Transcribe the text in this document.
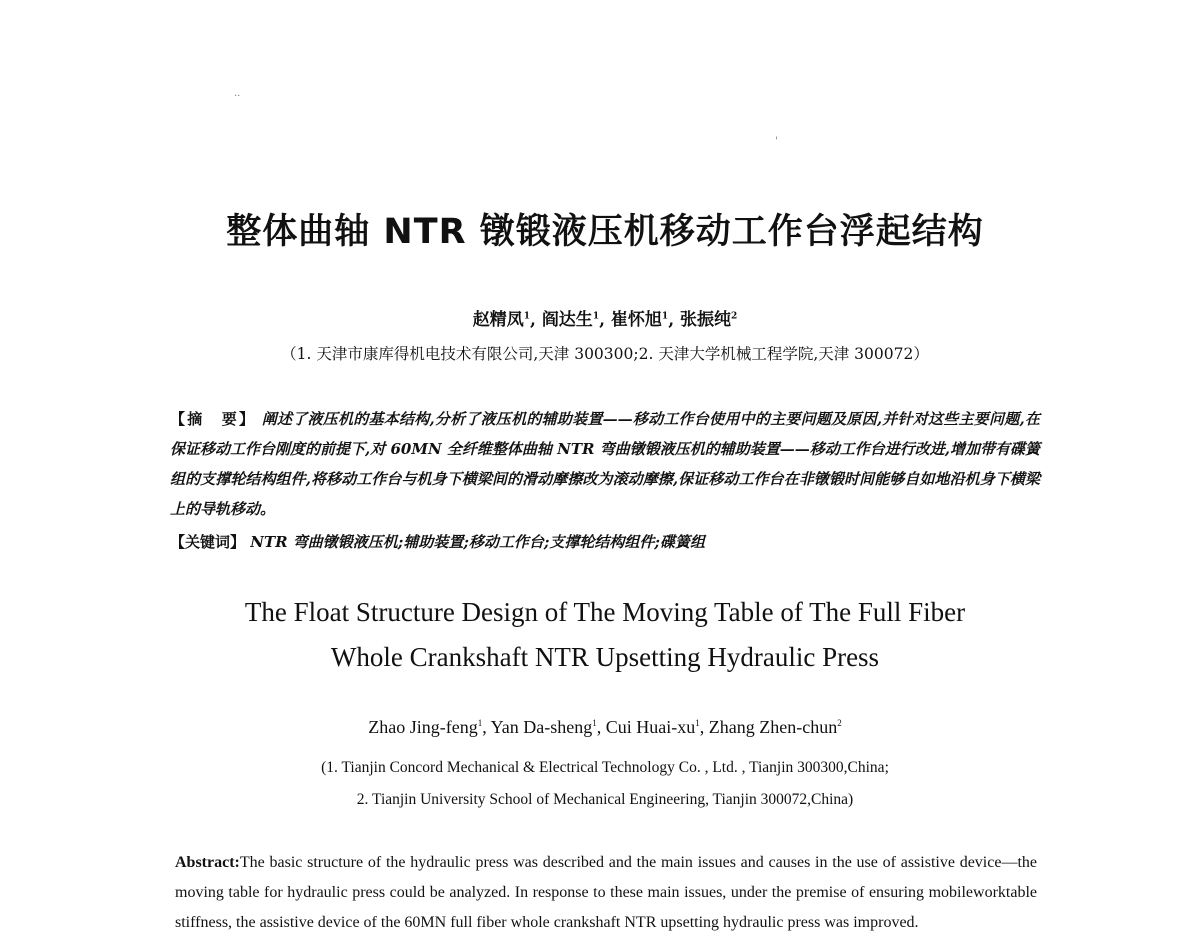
..
'
整体曲轴 NTR 镦锻液压机移动工作台浮起结构
赵精凤$^1$, 阎达生$^1$, 崔怀旭$^1$, 张振纯$^2$
（1. 天津市康库得机电技术有限公司,天津 300300;2. 天津大学机械工程学院,天津 300072）
【摘　要】 阐述了液压机的基本结构,分析了液压机的辅助装置——移动工作台使用中的主要问题及原因,并针对这些主要问题,在保证移动工作台刚度的前提下,对 60MN 全纤维整体曲轴 NTR 弯曲镦锻液压机的辅助装置——移动工作台进行改进,增加带有碟簧组的支撑轮结构组件,将移动工作台与机身下横梁间的滑动摩擦改为滚动摩擦,保证移动工作台在非镦锻时间能够自如地沿机身下横梁上的导轨移动。
【关键词】 NTR 弯曲镦锻液压机;辅助装置;移动工作台;支撑轮结构组件;碟簧组
The Float Structure Design of The Moving Table of The Full Fiber
Whole Crankshaft NTR Upsetting Hydraulic Press
Zhao Jing-feng$^1$, Yan Da-sheng$^1$, Cui Huai-$xu^1$, Zhang Zhen-chun$^2$
(1. Tianjin Concord Mechanical & Electrical Technology Co. , Ltd. , Tianjin 300300,China;
2. Tianjin University School of Mechanical Engineering, Tianjin 300072,China)
Abstract:The basic structure of the hydraulic press was described and the main issues and causes in the use of assistive device—the moving table for hydraulic press could be analyzed. In response to these main issues, under the premise of ensuring mobileworktable stiffness, the assistive device of the 60MN full fiber whole crankshaft NTR upsetting hydraulic press was improved.
